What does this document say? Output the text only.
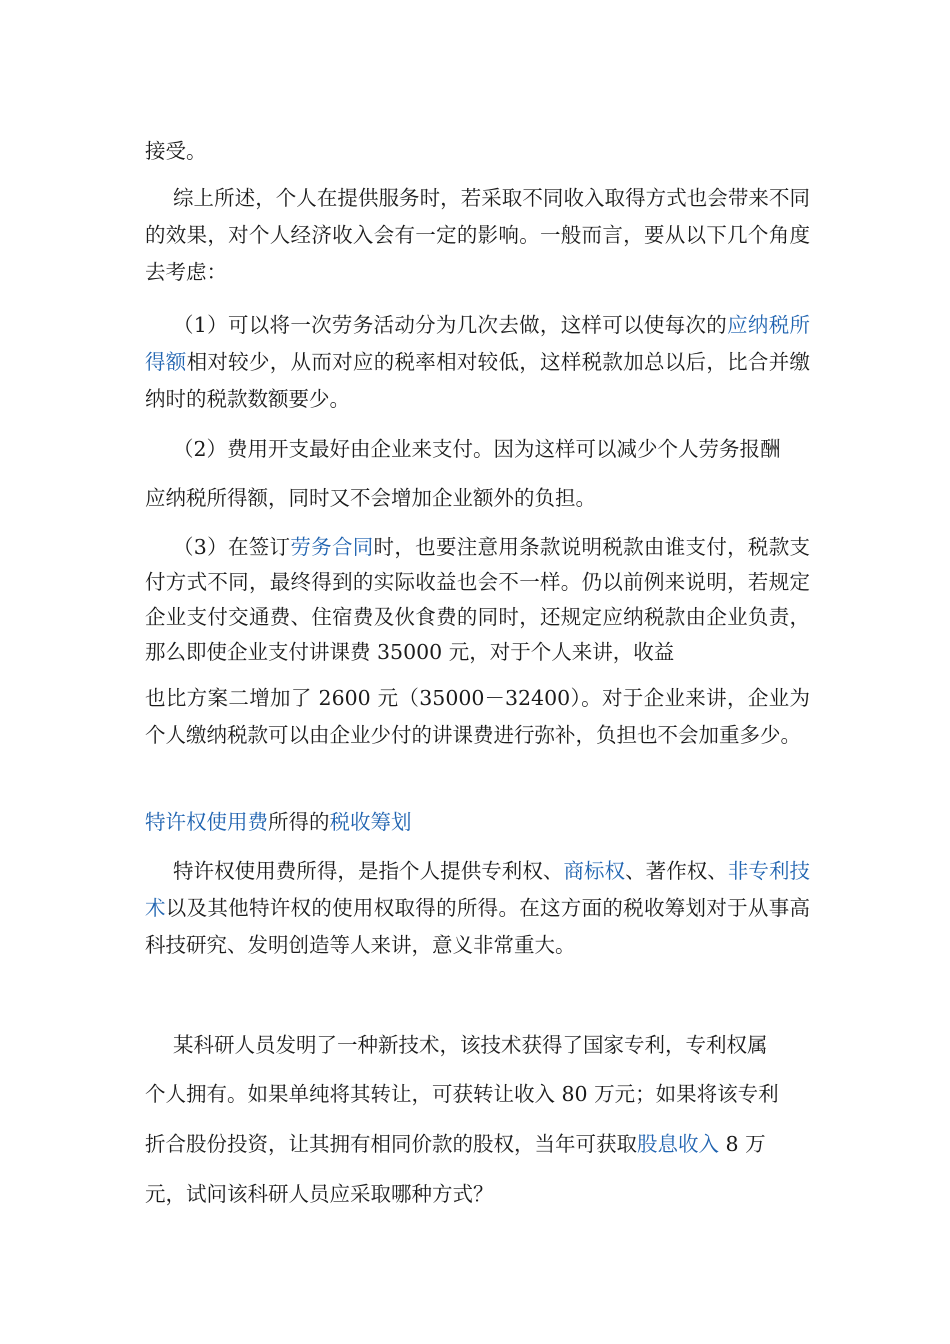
接受。

综上所述，个人在提供服务时，若采取不同收入取得方式也会带来不同的效果，对个人经济收入会有一定的影响。一般而言，要从以下几个角度去考虑：

（1）可以将一次劳务活动分为几次去做，这样可以使每次的应纳税所得额相对较少，从而对应的税率相对较低，这样税款加总以后，比合并缴纳时的税款数额要少。

（2）费用开支最好由企业来支付。因为这样可以减少个人劳务报酬

应纳税所得额，同时又不会增加企业额外的负担。

（3）在签订劳务合同时，也要注意用条款说明税款由谁支付，税款支付方式不同，最终得到的实际收益也会不一样。仍以前例来说明，若规定企业支付交通费、住宿费及伙食费的同时，还规定应纳税款由企业负责，那么即使企业支付讲课费 35000 元，对于个人来讲，收益

也比方案二增加了 2600 元（35000－32400）。对于企业来讲，企业为个人缴纳税款可以由企业少付的讲课费进行弥补，负担也不会加重多少。

特许权使用费所得的税收筹划

特许权使用费所得，是指个人提供专利权、商标权、著作权、非专利技术以及其他特许权的使用权取得的所得。在这方面的税收筹划对于从事高科技研究、发明创造等人来讲，意义非常重大。

某科研人员发明了一种新技术，该技术获得了国家专利，专利权属

个人拥有。如果单纯将其转让，可获转让收入 80 万元；如果将该专利

折合股份投资，让其拥有相同价款的股权，当年可获取股息收入 8 万

元，试问该科研人员应采取哪种方式？
